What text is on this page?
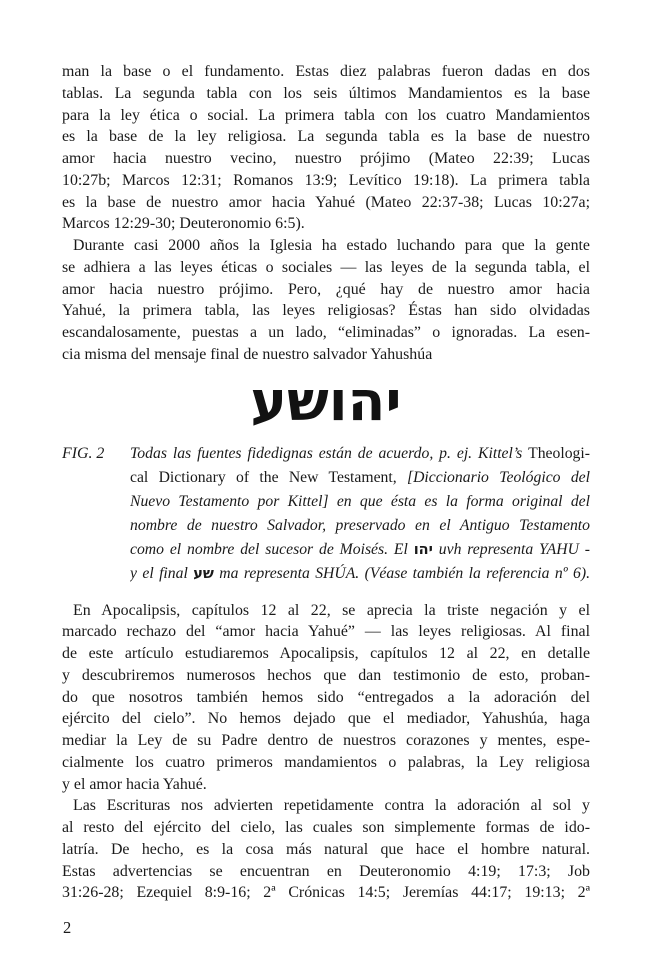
man la base o el fundamento. Estas diez palabras fueron dadas en dos
tablas. La segunda tabla con los seis últimos Mandamientos es la base
para la ley ética o social. La primera tabla con los cuatro Mandamientos
es la base de la ley religiosa. La segunda tabla es la base de nuestro
amor hacia nuestro vecino, nuestro prójimo (Mateo 22:39; Lucas
10:27b; Marcos 12:31; Romanos 13:9; Levítico 19:18). La primera tabla
es la base de nuestro amor hacia Yahué (Mateo 22:37-38; Lucas 10:27a;
Marcos 12:29-30; Deuteronomio 6:5).
Durante casi 2000 años la Iglesia ha estado luchando para que la gente
se adhiera a las leyes éticas o sociales — las leyes de la segunda tabla, el
amor hacia nuestro prójimo. Pero, ¿qué hay de nuestro amor hacia
Yahué, la primera tabla, las leyes religiosas? Éstas han sido olvidadas
escandalosamente, puestas a un lado, “eliminadas” o ignoradas. La esen-
cia misma del mensaje final de nuestro salvador Yahushúa
יהושע
FIG. 2 Todas las fuentes fidedignas están de acuerdo, p. ej. Kittel’s Theologi-
cal Dictionary of the New Testament, [Diccionario Teológico del
Nuevo Testamento por Kittel] en que ésta es la forma original del
nombre de nuestro Salvador, preservado en el Antiguo Testamento
como el nombre del sucesor de Moisés. El יהו uvh representa YAHU -
y el final שע ma representa SHÚA. (Véase también la referencia nº 6).
En Apocalipsis, capítulos 12 al 22, se aprecia la triste negación y el
marcado rechazo del “amor hacia Yahué” — las leyes religiosas. Al final
de este artículo estudiaremos Apocalipsis, capítulos 12 al 22, en detalle
y descubriremos numerosos hechos que dan testimonio de esto, proban-
do que nosotros también hemos sido “entregados a la adoración del
ejército del cielo”. No hemos dejado que el mediador, Yahushúa, haga
mediar la Ley de su Padre dentro de nuestros corazones y mentes, espe-
cialmente los cuatro primeros mandamientos o palabras, la Ley religiosa
y el amor hacia Yahué.
Las Escrituras nos advierten repetidamente contra la adoración al sol y
al resto del ejército del cielo, las cuales son simplemente formas de ido-
latría. De hecho, es la cosa más natural que hace el hombre natural.
Estas advertencias se encuentran en Deuteronomio 4:19; 17:3; Job
31:26-28; Ezequiel 8:9-16; 2ª Crónicas 14:5; Jeremías 44:17; 19:13; 2ª
2
